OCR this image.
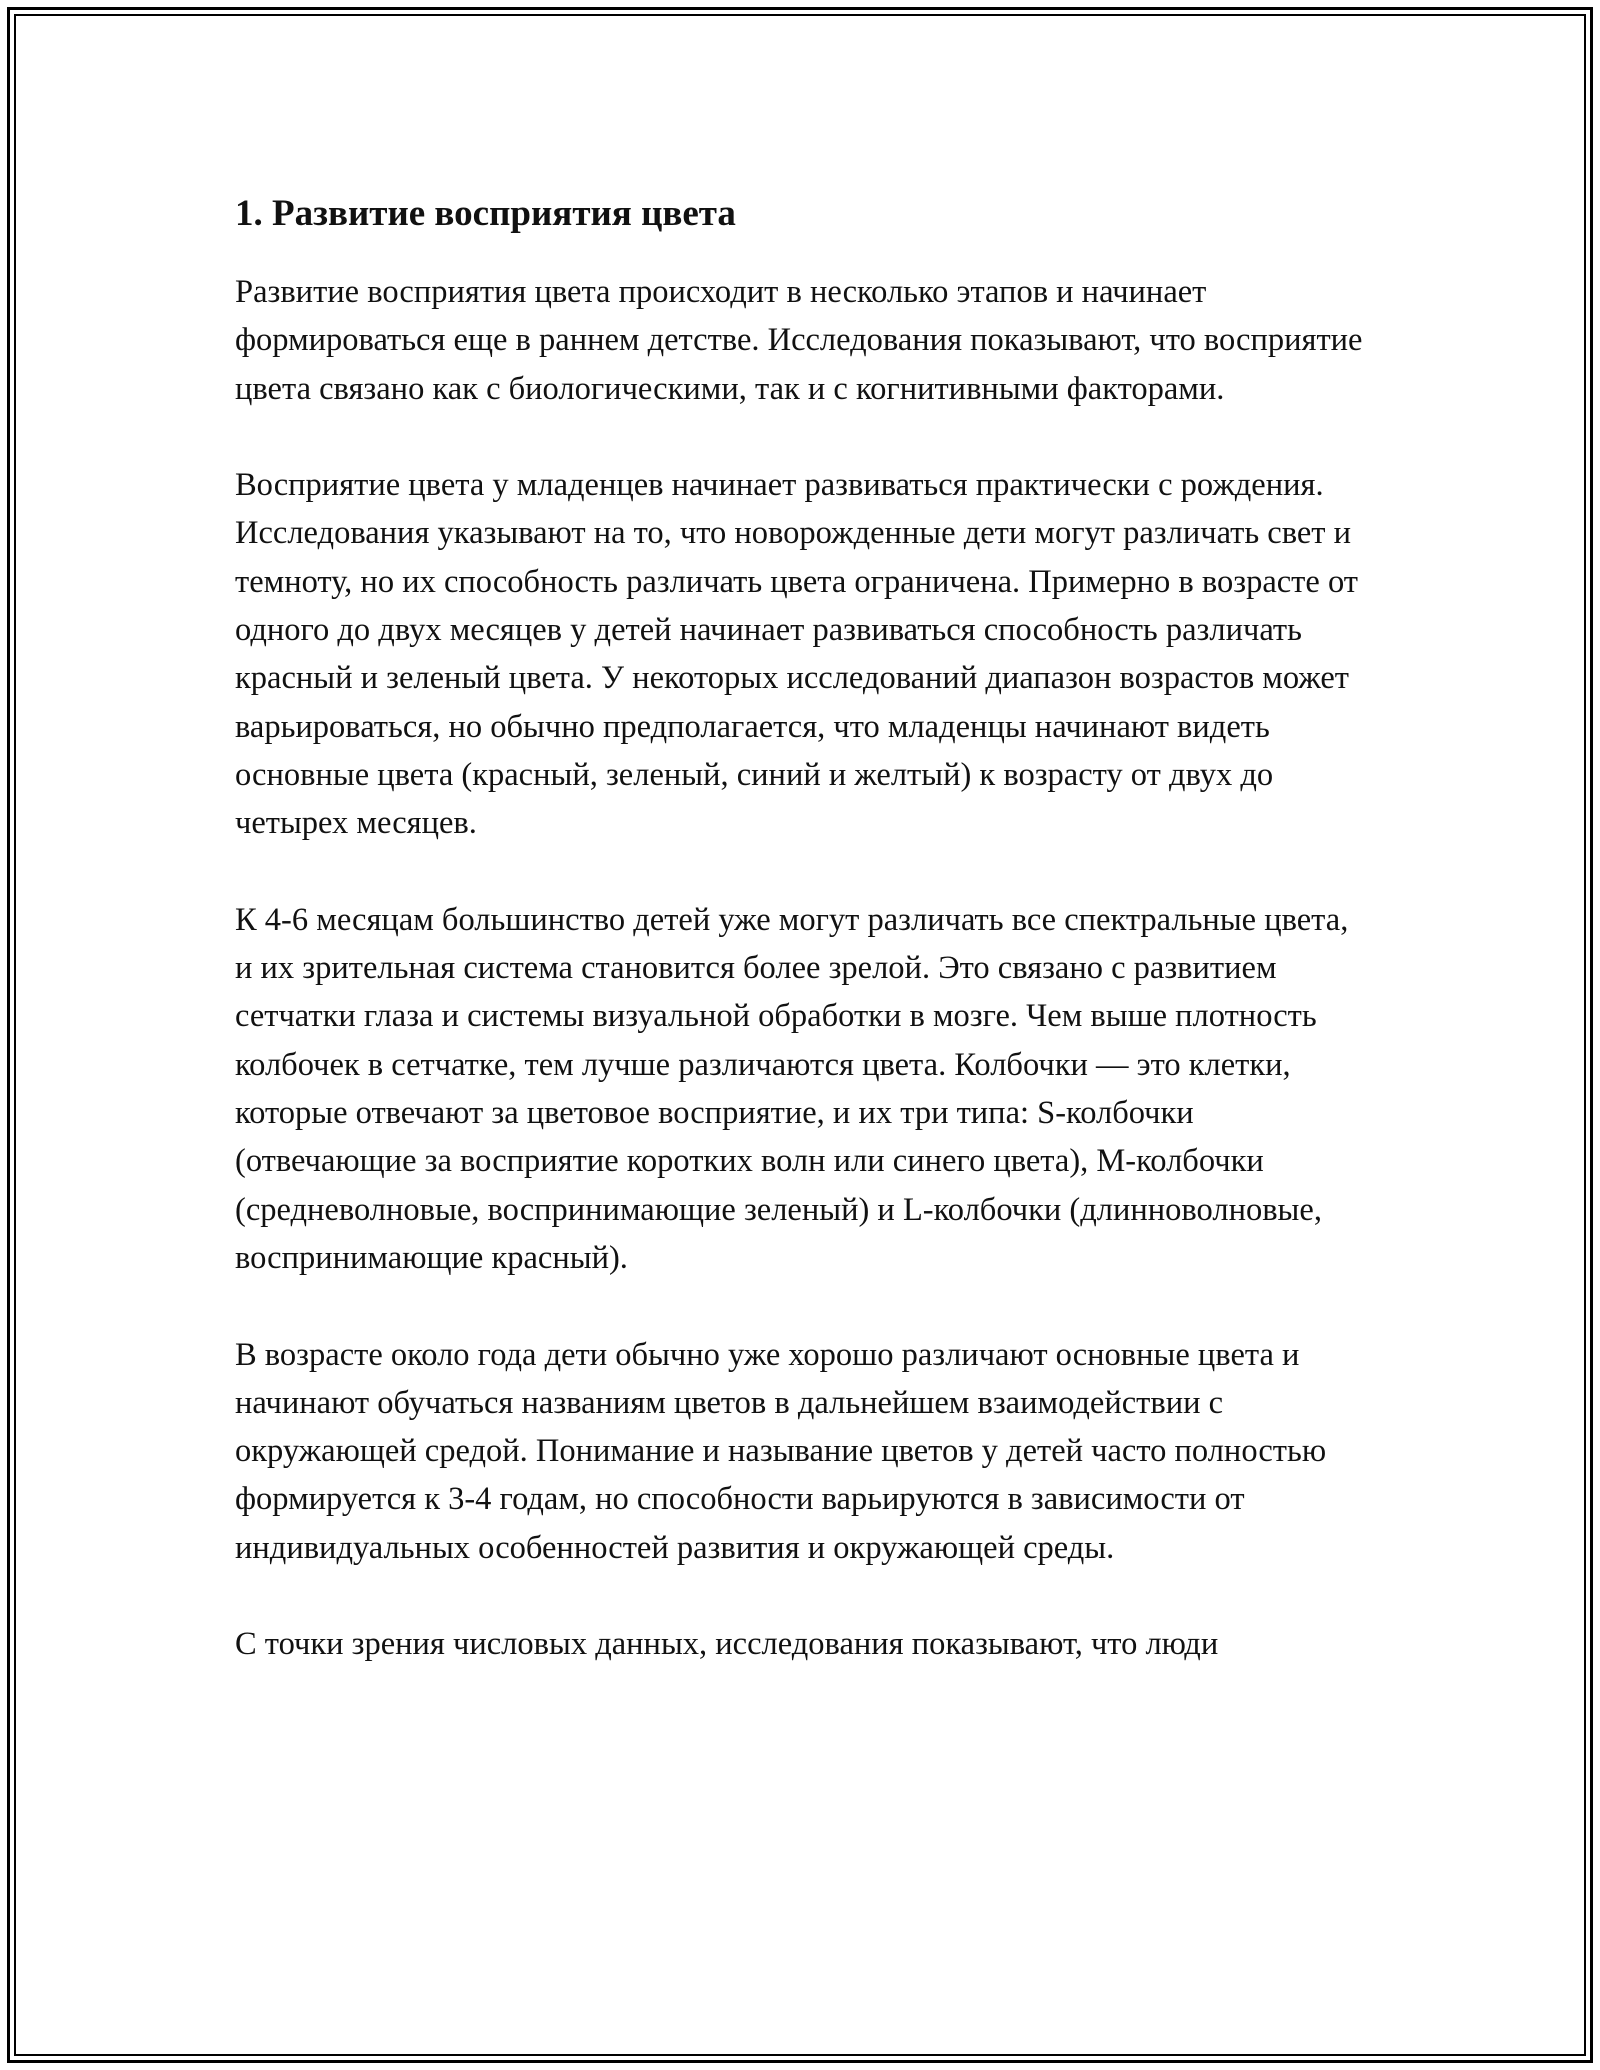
1. Развитие восприятия цвета

Развитие восприятия цвета происходит в несколько этапов и начинает формироваться еще в раннем детстве. Исследования показывают, что восприятие цвета связано как с биологическими, так и с когнитивными факторами.

Восприятие цвета у младенцев начинает развиваться практически с рождения. Исследования указывают на то, что новорожденные дети могут различать свет и темноту, но их способность различать цвета ограничена. Примерно в возрасте от одного до двух месяцев у детей начинает развиваться способность различать красный и зеленый цвета. У некоторых исследований диапазон возрастов может варьироваться, но обычно предполагается, что младенцы начинают видеть основные цвета (красный, зеленый, синий и желтый) к возрасту от двух до четырех месяцев.

К 4-6 месяцам большинство детей уже могут различать все спектральные цвета, и их зрительная система становится более зрелой. Это связано с развитием сетчатки глаза и системы визуальной обработки в мозге. Чем выше плотность колбочек в сетчатке, тем лучше различаются цвета. Колбочки — это клетки, которые отвечают за цветовое восприятие, и их три типа: S-колбочки (отвечающие за восприятие коротких волн или синего цвета), M-колбочки (средневолновые, воспринимающие зеленый) и L-колбочки (длинноволновые, воспринимающие красный).

В возрасте около года дети обычно уже хорошо различают основные цвета и начинают обучаться названиям цветов в дальнейшем взаимодействии с окружающей средой. Понимание и называние цветов у детей часто полностью формируется к 3-4 годам, но способности варьируются в зависимости от индивидуальных особенностей развития и окружающей среды.

С точки зрения числовых данных, исследования показывают, что люди
